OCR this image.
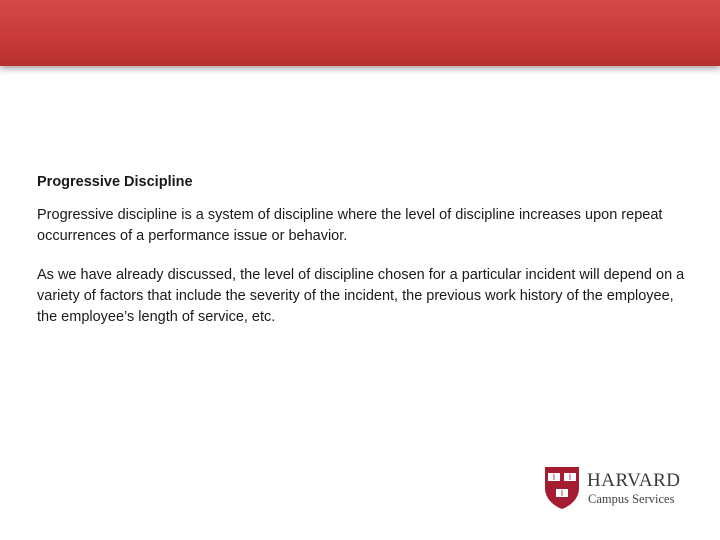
Progressive Discipline

Progressive discipline is a system of discipline where the level of discipline increases upon repeat occurrences of a performance issue or behavior.

As we have already discussed, the level of discipline chosen for a particular incident will depend on a variety of factors that include the severity of the incident, the previous work history of the employee, the employee’s length of service, etc.

HARVARD
Campus Services
